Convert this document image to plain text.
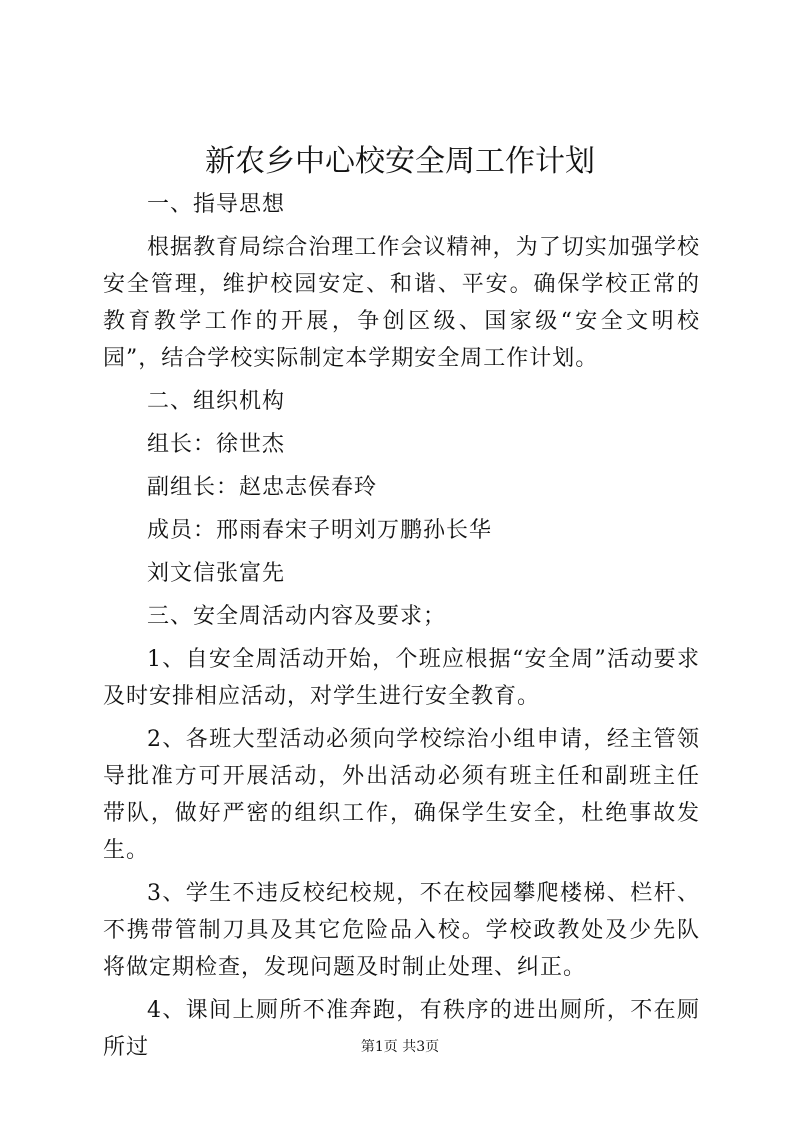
新农乡中心校安全周工作计划

一、指导思想

根据教育局综合治理工作会议精神，为了切实加强学校安全管理，维护校园安定、和谐、平安。确保学校正常的教育教学工作的开展，争创区级、国家级“安全文明校园”，结合学校实际制定本学期安全周工作计划。

二、组织机构

组长：徐世杰

副组长：赵忠志侯春玲

成员：邢雨春宋子明刘万鹏孙长华

刘文信张富先

三、安全周活动内容及要求；

1、自安全周活动开始，个班应根据“安全周”活动要求及时安排相应活动，对学生进行安全教育。

2、各班大型活动必须向学校综治小组申请，经主管领导批准方可开展活动，外出活动必须有班主任和副班主任带队，做好严密的组织工作，确保学生安全，杜绝事故发生。

3、学生不违反校纪校规，不在校园攀爬楼梯、栏杆、不携带管制刀具及其它危险品入校。学校政教处及少先队将做定期检查，发现问题及时制止处理、纠正。

4、课间上厕所不准奔跑，有秩序的进出厕所，不在厕所过	第1页 共3页
